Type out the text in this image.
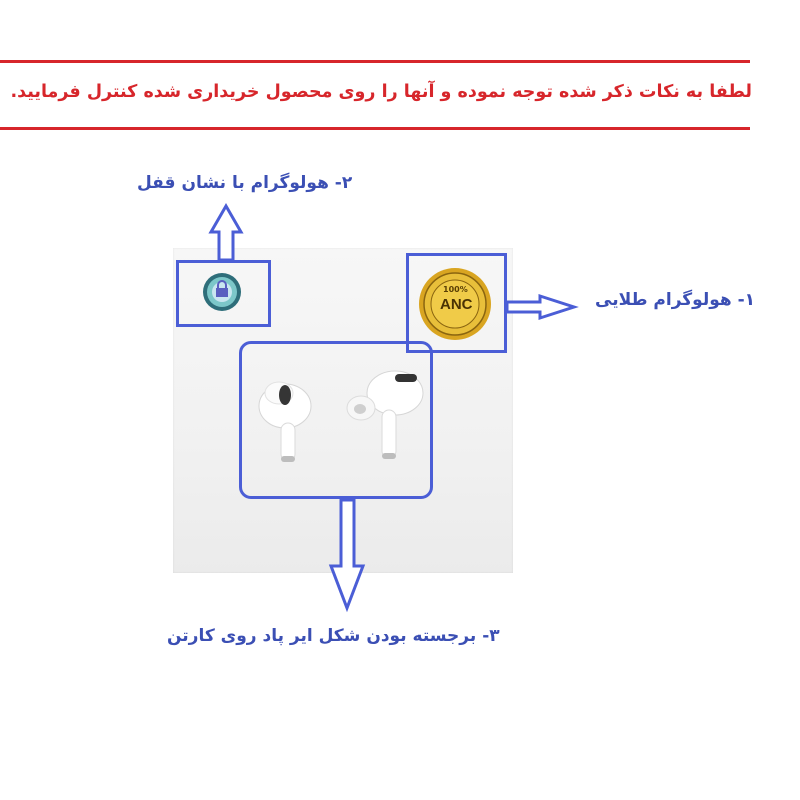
لطفا به نکات ذکر شده توجه نموده و آنها را روی محصول خریداری شده کنترل فرمایید.
۲- هولوگرام با نشان قفل
۱- هولوگرام طلایی
۳- برجسته بودن شکل ایر پاد روی کارتن
100%
ANC
